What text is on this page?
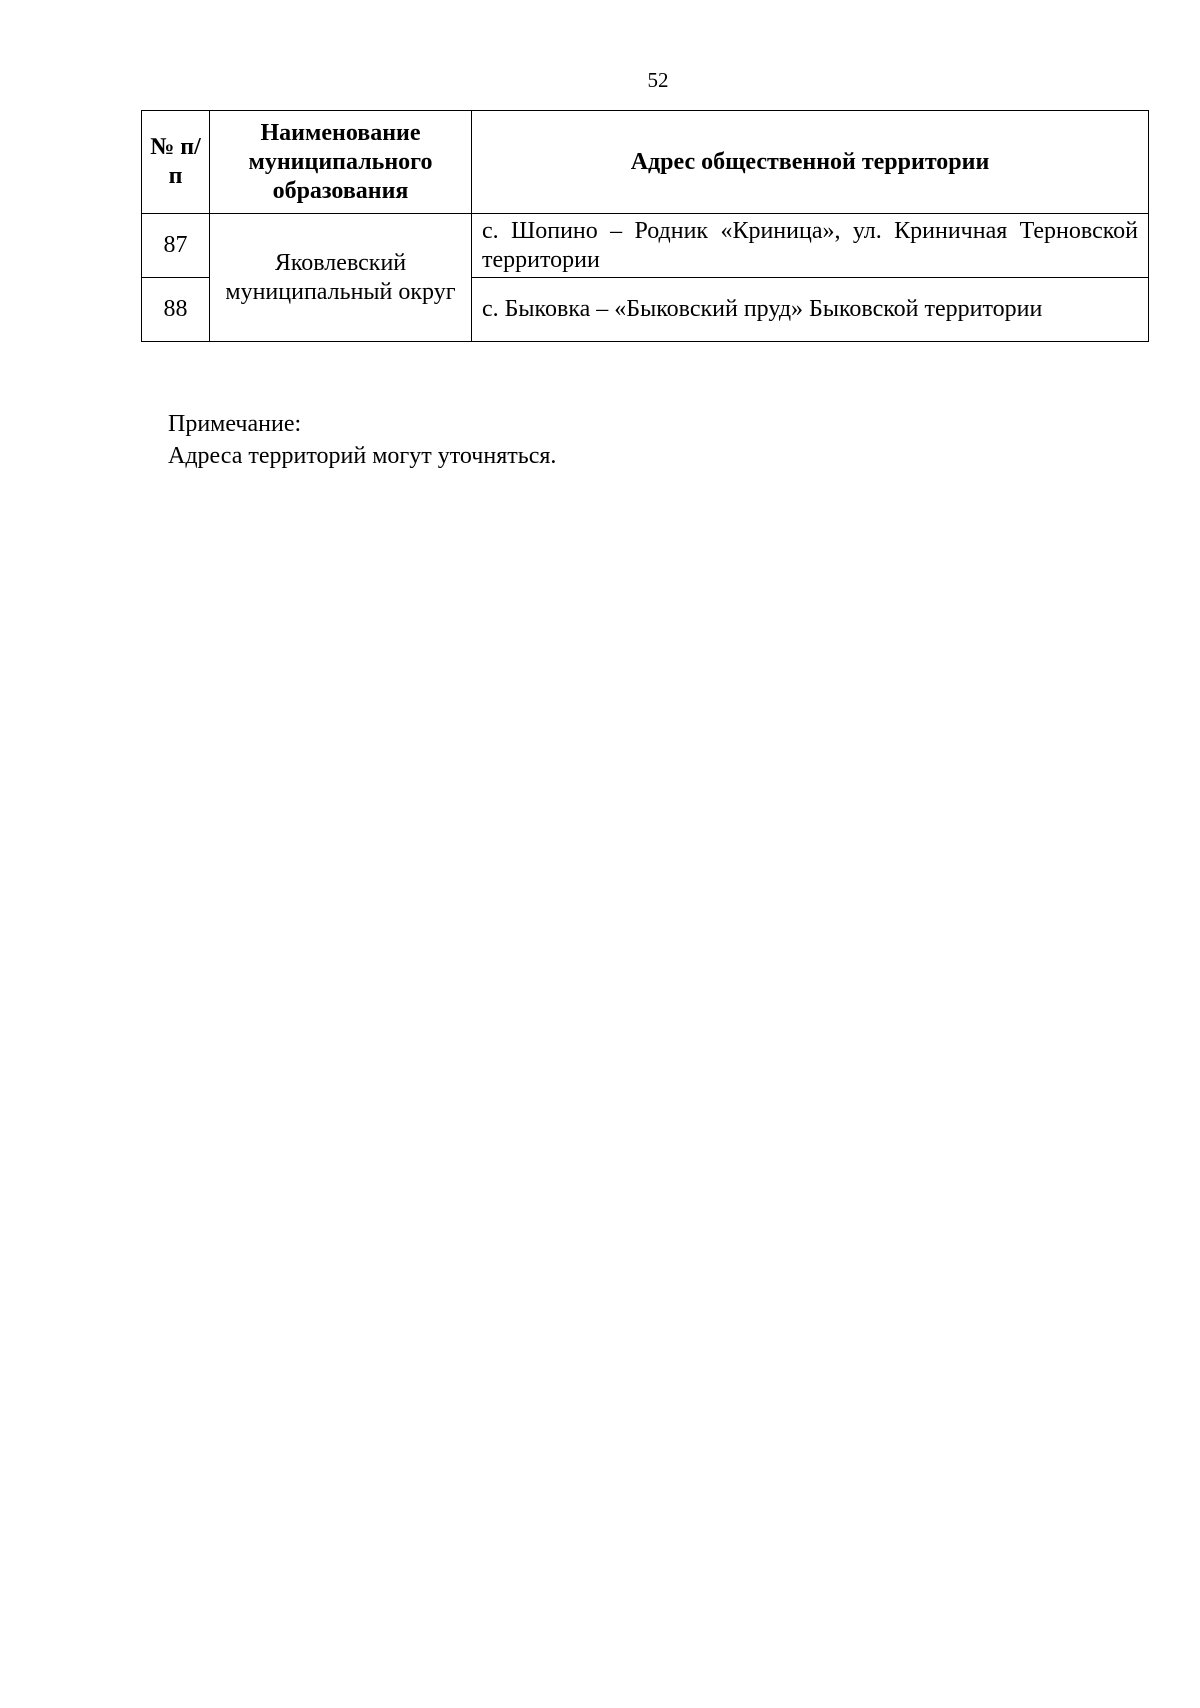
52
№ п/п	Наименование муниципального образования	Адрес общественной территории
87	Яковлевский муниципальный округ	с. Шопино – Родник «Криница», ул. Криничная Терновской территории
88		с. Быковка – «Быковский пруд» Быковской территории
Примечание:
Адреса территорий могут уточняться.
